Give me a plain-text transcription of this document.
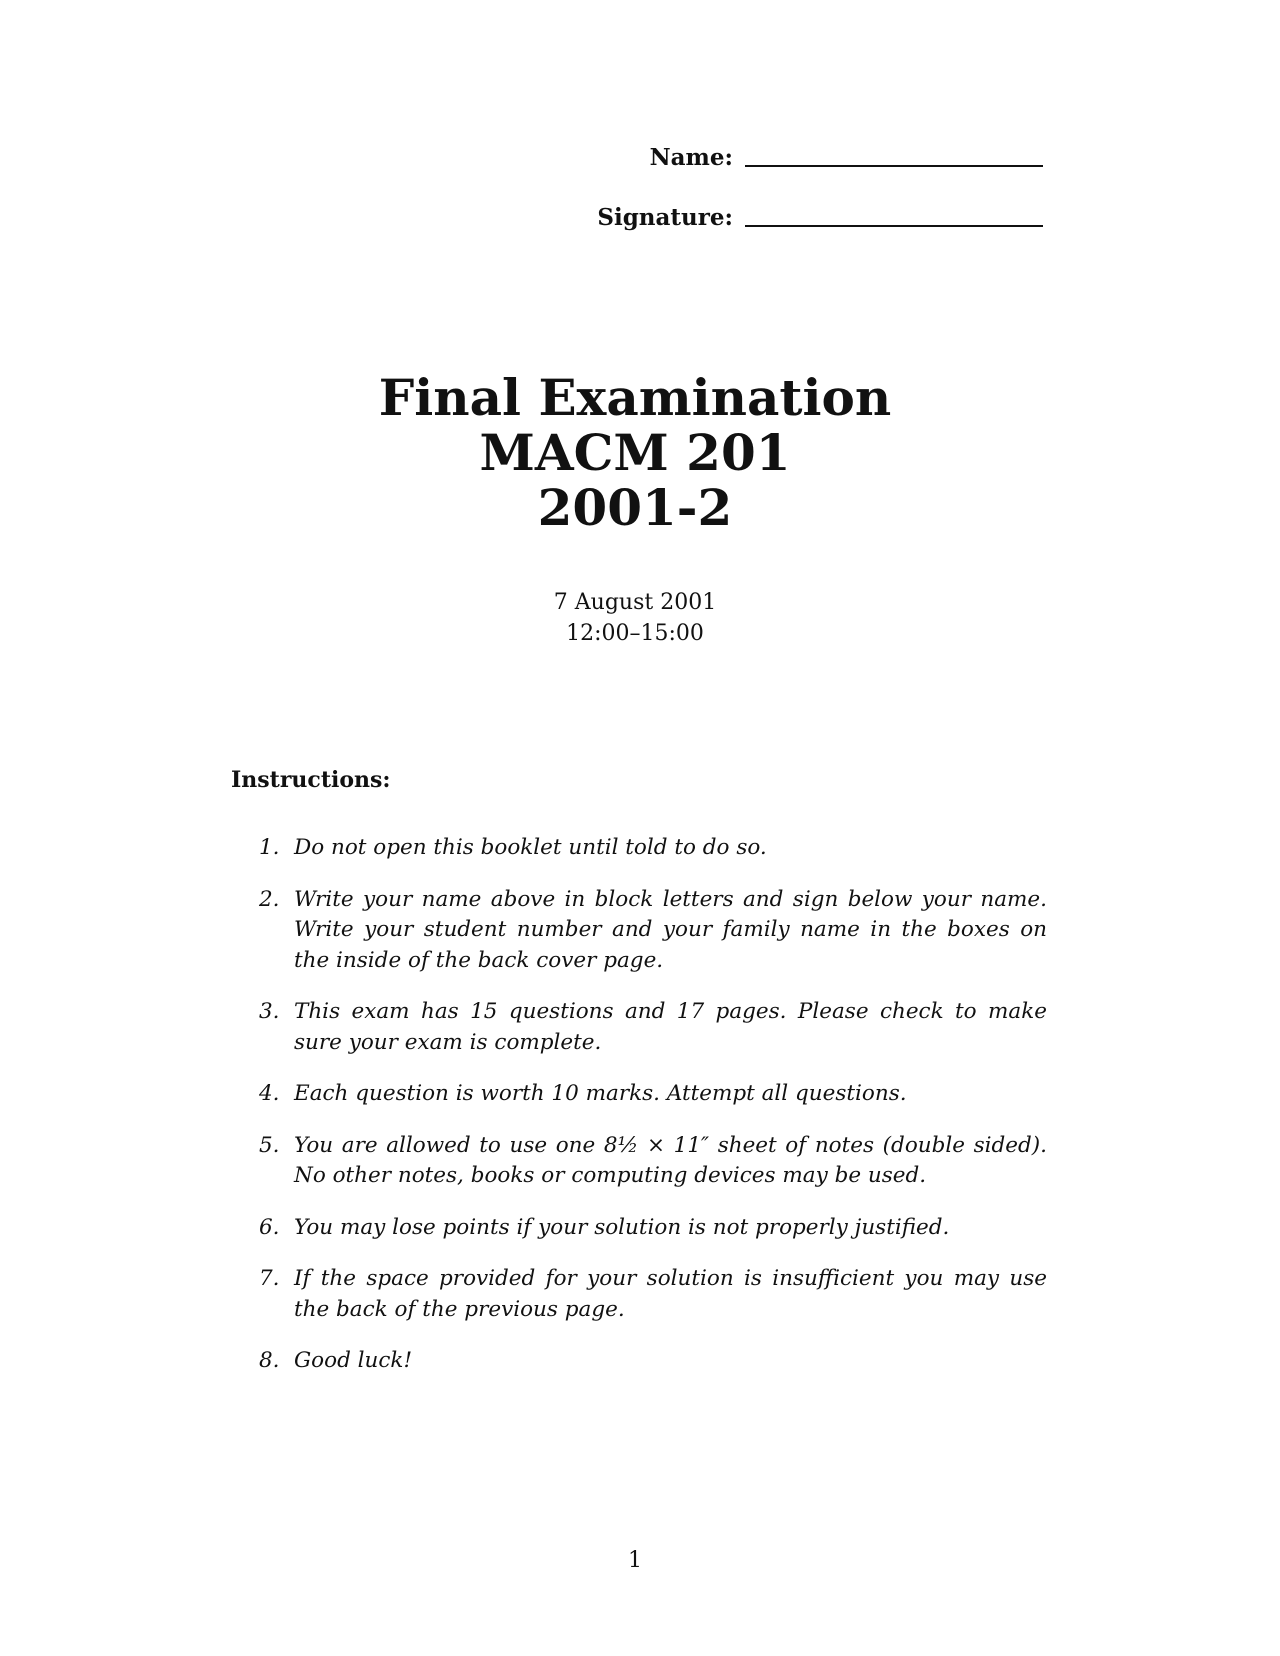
Name:
Signature:
Final Examination
MACM 201
2001-2
7 August 2001
12:00–15:00
Instructions:
1. Do not open this booklet until told to do so.
2. Write your name above in block letters and sign below your name. Write your student number and your family name in the boxes on the inside of the back cover page.
3. This exam has 15 questions and 17 pages. Please check to make sure your exam is complete.
4. Each question is worth 10 marks. Attempt all questions.
5. You are allowed to use one 8½ × 11″ sheet of notes (double sided). No other notes, books or computing devices may be used.
6. You may lose points if your solution is not properly justified.
7. If the space provided for your solution is insufficient you may use the back of the previous page.
8. Good luck!
1
